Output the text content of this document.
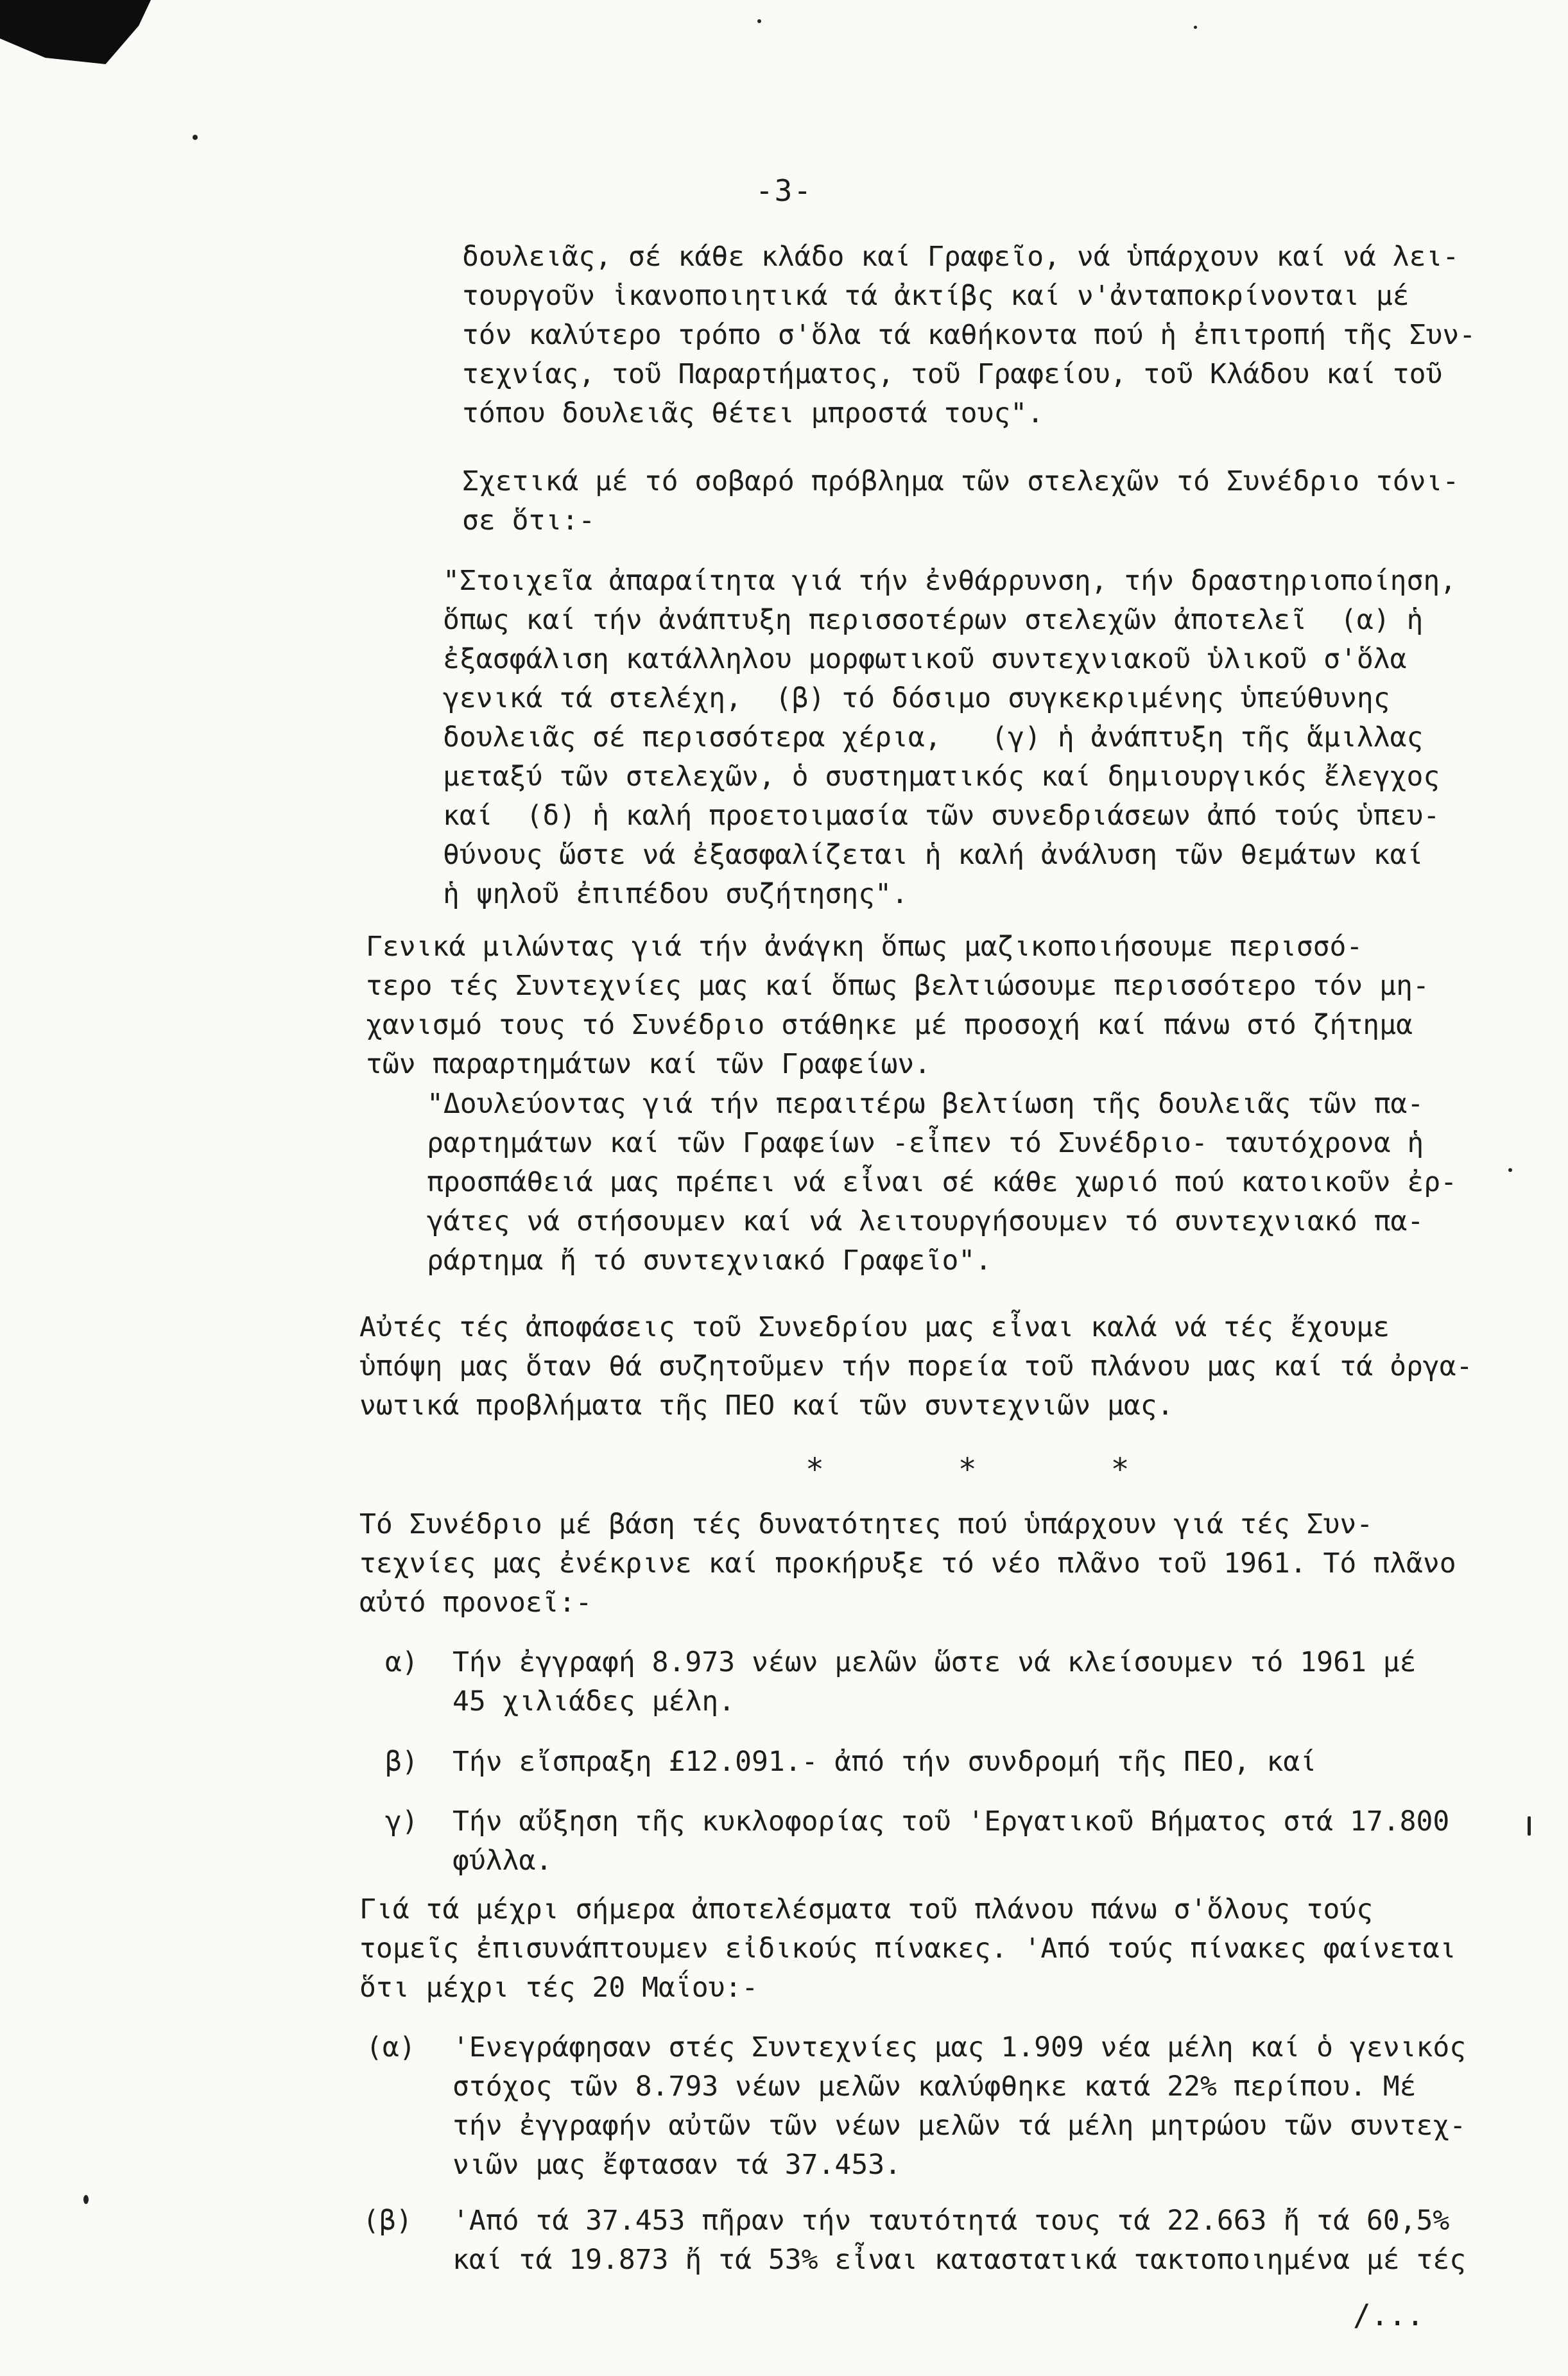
-3-
δουλειᾶς, σέ κάθε κλάδο καί Γραφεῖο, νά ὑπάρχουν καί νά λει-
τουργοῦν ἱκανοποιητικά τά ἀκτίβς καί ν'ἀνταποκρίνονται μέ
τόν καλύτερο τρόπο σ'ὅλα τά καθήκοντα πού ἡ ἐπιτροπή τῆς Συν-
τεχνίας, τοῦ Παραρτήματος, τοῦ Γραφείου, τοῦ Κλάδου καί τοῦ
τόπου δουλειᾶς θέτει μπροστά τους".
Σχετικά μέ τό σοβαρό πρόβλημα τῶν στελεχῶν τό Συνέδριο τόνι-
σε ὅτι:-
"Στοιχεῖα ἀπαραίτητα γιά τήν ἐνθάρρυνση, τήν δραστηριοποίηση,
ὅπως καί τήν ἀνάπτυξη περισσοτέρων στελεχῶν ἀποτελεῖ  (α) ἡ
ἐξασφάλιση κατάλληλου μορφωτικοῦ συντεχνιακοῦ ὑλικοῦ σ'ὅλα
γενικά τά στελέχη,  (β) τό δόσιμο συγκεκριμένης ὑπεύθυνης
δουλειᾶς σέ περισσότερα χέρια,   (γ) ἡ ἀνάπτυξη τῆς ἅμιλλας
μεταξύ τῶν στελεχῶν, ὁ συστηματικός καί δημιουργικός ἔλεγχος
καί  (δ) ἡ καλή προετοιμασία τῶν συνεδριάσεων ἀπό τούς ὑπευ-
θύνους ὥστε νά ἐξασφαλίζεται ἡ καλή ἀνάλυση τῶν θεμάτων καί
ἡ ψηλοῦ ἐπιπέδου συζήτησης".
Γενικά μιλώντας γιά τήν ἀνάγκη ὅπως μαζικοποιήσουμε περισσό-
τερο τές Συντεχνίες μας καί ὅπως βελτιώσουμε περισσότερο τόν μη-
χανισμό τους τό Συνέδριο στάθηκε μέ προσοχή καί πάνω στό ζήτημα
τῶν παραρτημάτων καί τῶν Γραφείων.
"Δουλεύοντας γιά τήν περαιτέρω βελτίωση τῆς δουλειᾶς τῶν πα-
ραρτημάτων καί τῶν Γραφείων -εἶπεν τό Συνέδριο- ταυτόχρονα ἡ
προσπάθειά μας πρέπει νά εἶναι σέ κάθε χωριό πού κατοικοῦν ἐρ-
γάτες νά στήσουμεν καί νά λειτουργήσουμεν τό συντεχνιακό πα-
ράρτημα ἤ τό συντεχνιακό Γραφεῖο".
Αὐτές τές ἀποφάσεις τοῦ Συνεδρίου μας εἶναι καλά νά τές ἔχουμε
ὑπόψη μας ὅταν θά συζητοῦμεν τήν πορεία τοῦ πλάνου μας καί τά ὀργα-
νωτικά προβλήματα τῆς ΠΕΟ καί τῶν συντεχνιῶν μας.
* * *
Τό Συνέδριο μέ βάση τές δυνατότητες πού ὑπάρχουν γιά τές Συν-
τεχνίες μας ἐνέκρινε καί προκήρυξε τό νέο πλᾶνο τοῦ 1961. Τό πλᾶνο
αὐτό προνοεῖ:-
α) Τήν ἐγγραφή 8.973 νέων μελῶν ὥστε νά κλείσουμεν τό 1961 μέ
45 χιλιάδες μέλη.
β) Τήν εἴσπραξη £12.091.- ἀπό τήν συνδρομή τῆς ΠΕΟ, καί
γ) Τήν αὔξηση τῆς κυκλοφορίας τοῦ 'Εργατικοῦ Βήματος στά 17.800
φύλλα.
Γιά τά μέχρι σήμερα ἀποτελέσματα τοῦ πλάνου πάνω σ'ὅλους τούς
τομεῖς ἐπισυνάπτουμεν εἰδικούς πίνακες. 'Από τούς πίνακες φαίνεται
ὅτι μέχρι τές 20 Μαΐου:-
(α) 'Ενεγράφησαν στές Συντεχνίες μας 1.909 νέα μέλη καί ὁ γενικός
στόχος τῶν 8.793 νέων μελῶν καλύφθηκε κατά 22% περίπου. Μέ
τήν ἐγγραφήν αὐτῶν τῶν νέων μελῶν τά μέλη μητρώου τῶν συντεχ-
νιῶν μας ἔφτασαν τά 37.453.
(β) 'Από τά 37.453 πῆραν τήν ταυτότητά τους τά 22.663 ἤ τά 60,5%
καί τά 19.873 ἤ τά 53% εἶναι καταστατικά τακτοποιημένα μέ τές
/...
